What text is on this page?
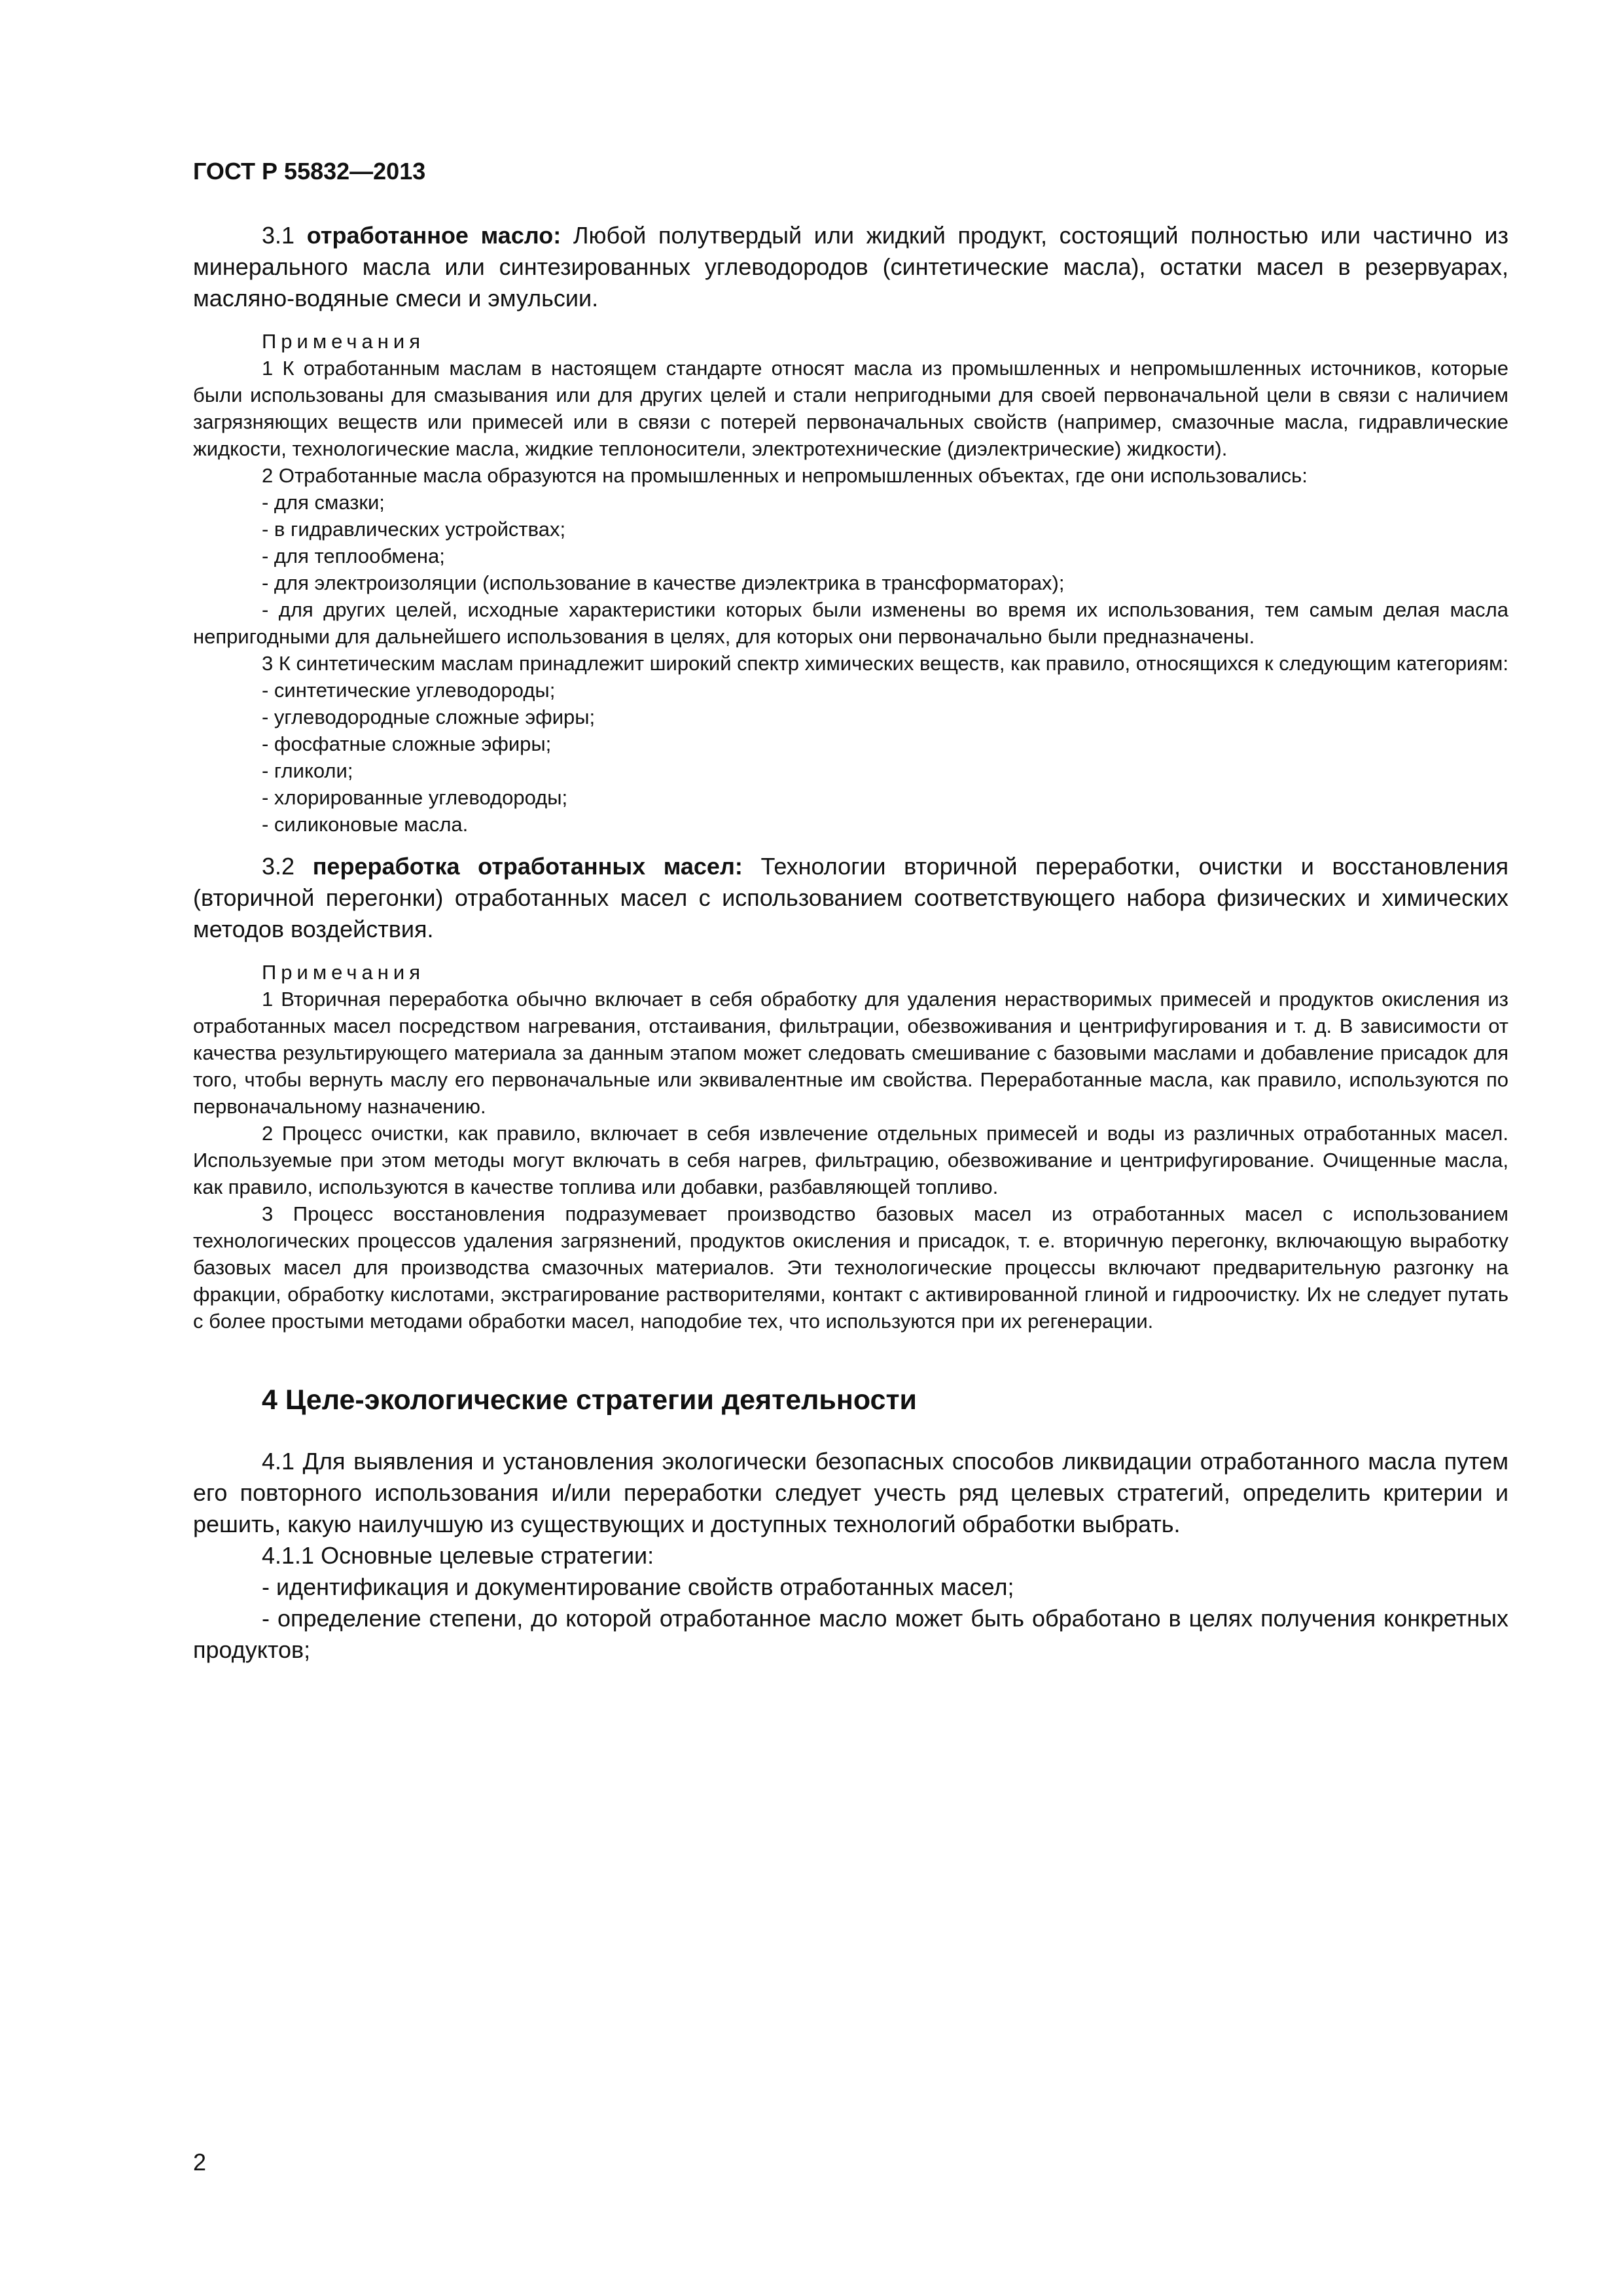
ГОСТ Р 55832—2013

3.1 отработанное масло: Любой полутвердый или жидкий продукт, состоящий полностью или частично из минерального масла или синтезированных углеводородов (синтетические масла), остатки масел в резервуарах, масляно-водяные смеси и эмульсии.

Примечания

1 К отработанным маслам в настоящем стандарте относят масла из промышленных и непромышленных источников, которые были использованы для смазывания или для других целей и стали непригодными для своей первоначальной цели в связи с наличием загрязняющих веществ или примесей или в связи с потерей первоначальных свойств (например, смазочные масла, гидравлические жидкости, технологические масла, жидкие теплоносители, электротехнические (диэлектрические) жидкости).

2 Отработанные масла образуются на промышленных и непромышленных объектах, где они использовались:

- для смазки;

- в гидравлических устройствах;

- для теплообмена;

- для электроизоляции (использование в качестве диэлектрика в трансформаторах);

- для других целей, исходные характеристики которых были изменены во время их использования, тем самым делая масла непригодными для дальнейшего использования в целях, для которых они первоначально были предназначены.

3 К синтетическим маслам принадлежит широкий спектр химических веществ, как правило, относящихся к следующим категориям:

- синтетические углеводороды;

- углеводородные сложные эфиры;

- фосфатные сложные эфиры;

- гликоли;

- хлорированные углеводороды;

- силиконовые масла.

3.2 переработка отработанных масел: Технологии вторичной переработки, очистки и восстановления (вторичной перегонки) отработанных масел с использованием соответствующего набора физических и химических методов воздействия.

Примечания

1 Вторичная переработка обычно включает в себя обработку для удаления нерастворимых примесей и продуктов окисления из отработанных масел посредством нагревания, отстаивания, фильтрации, обезвоживания и центрифугирования и т. д. В зависимости от качества результирующего материала за данным этапом может следовать смешивание с базовыми маслами и добавление присадок для того, чтобы вернуть маслу его первоначальные или эквивалентные им свойства. Переработанные масла, как правило, используются по первоначальному назначению.

2 Процесс очистки, как правило, включает в себя извлечение отдельных примесей и воды из различных отработанных масел. Используемые при этом методы могут включать в себя нагрев, фильтрацию, обезвоживание и центрифугирование. Очищенные масла, как правило, используются в качестве топлива или добавки, разбавляющей топливо.

3 Процесс восстановления подразумевает производство базовых масел из отработанных масел с использованием технологических процессов удаления загрязнений, продуктов окисления и присадок, т. е. вторичную перегонку, включающую выработку базовых масел для производства смазочных материалов. Эти технологические процессы включают предварительную разгонку на фракции, обработку кислотами, экстрагирование растворителями, контакт с активированной глиной и гидроочистку. Их не следует путать с более простыми методами обработки масел, наподобие тех, что используются при их регенерации.

4 Целе-экологические стратегии деятельности

4.1 Для выявления и установления экологически безопасных способов ликвидации отработанного масла путем его повторного использования и/или переработки следует учесть ряд целевых стратегий, определить критерии и решить, какую наилучшую из существующих и доступных технологий обработки выбрать.

4.1.1 Основные целевые стратегии:

- идентификация и документирование свойств отработанных масел;

- определение степени, до которой отработанное масло может быть обработано в целях получения конкретных продуктов;

2
